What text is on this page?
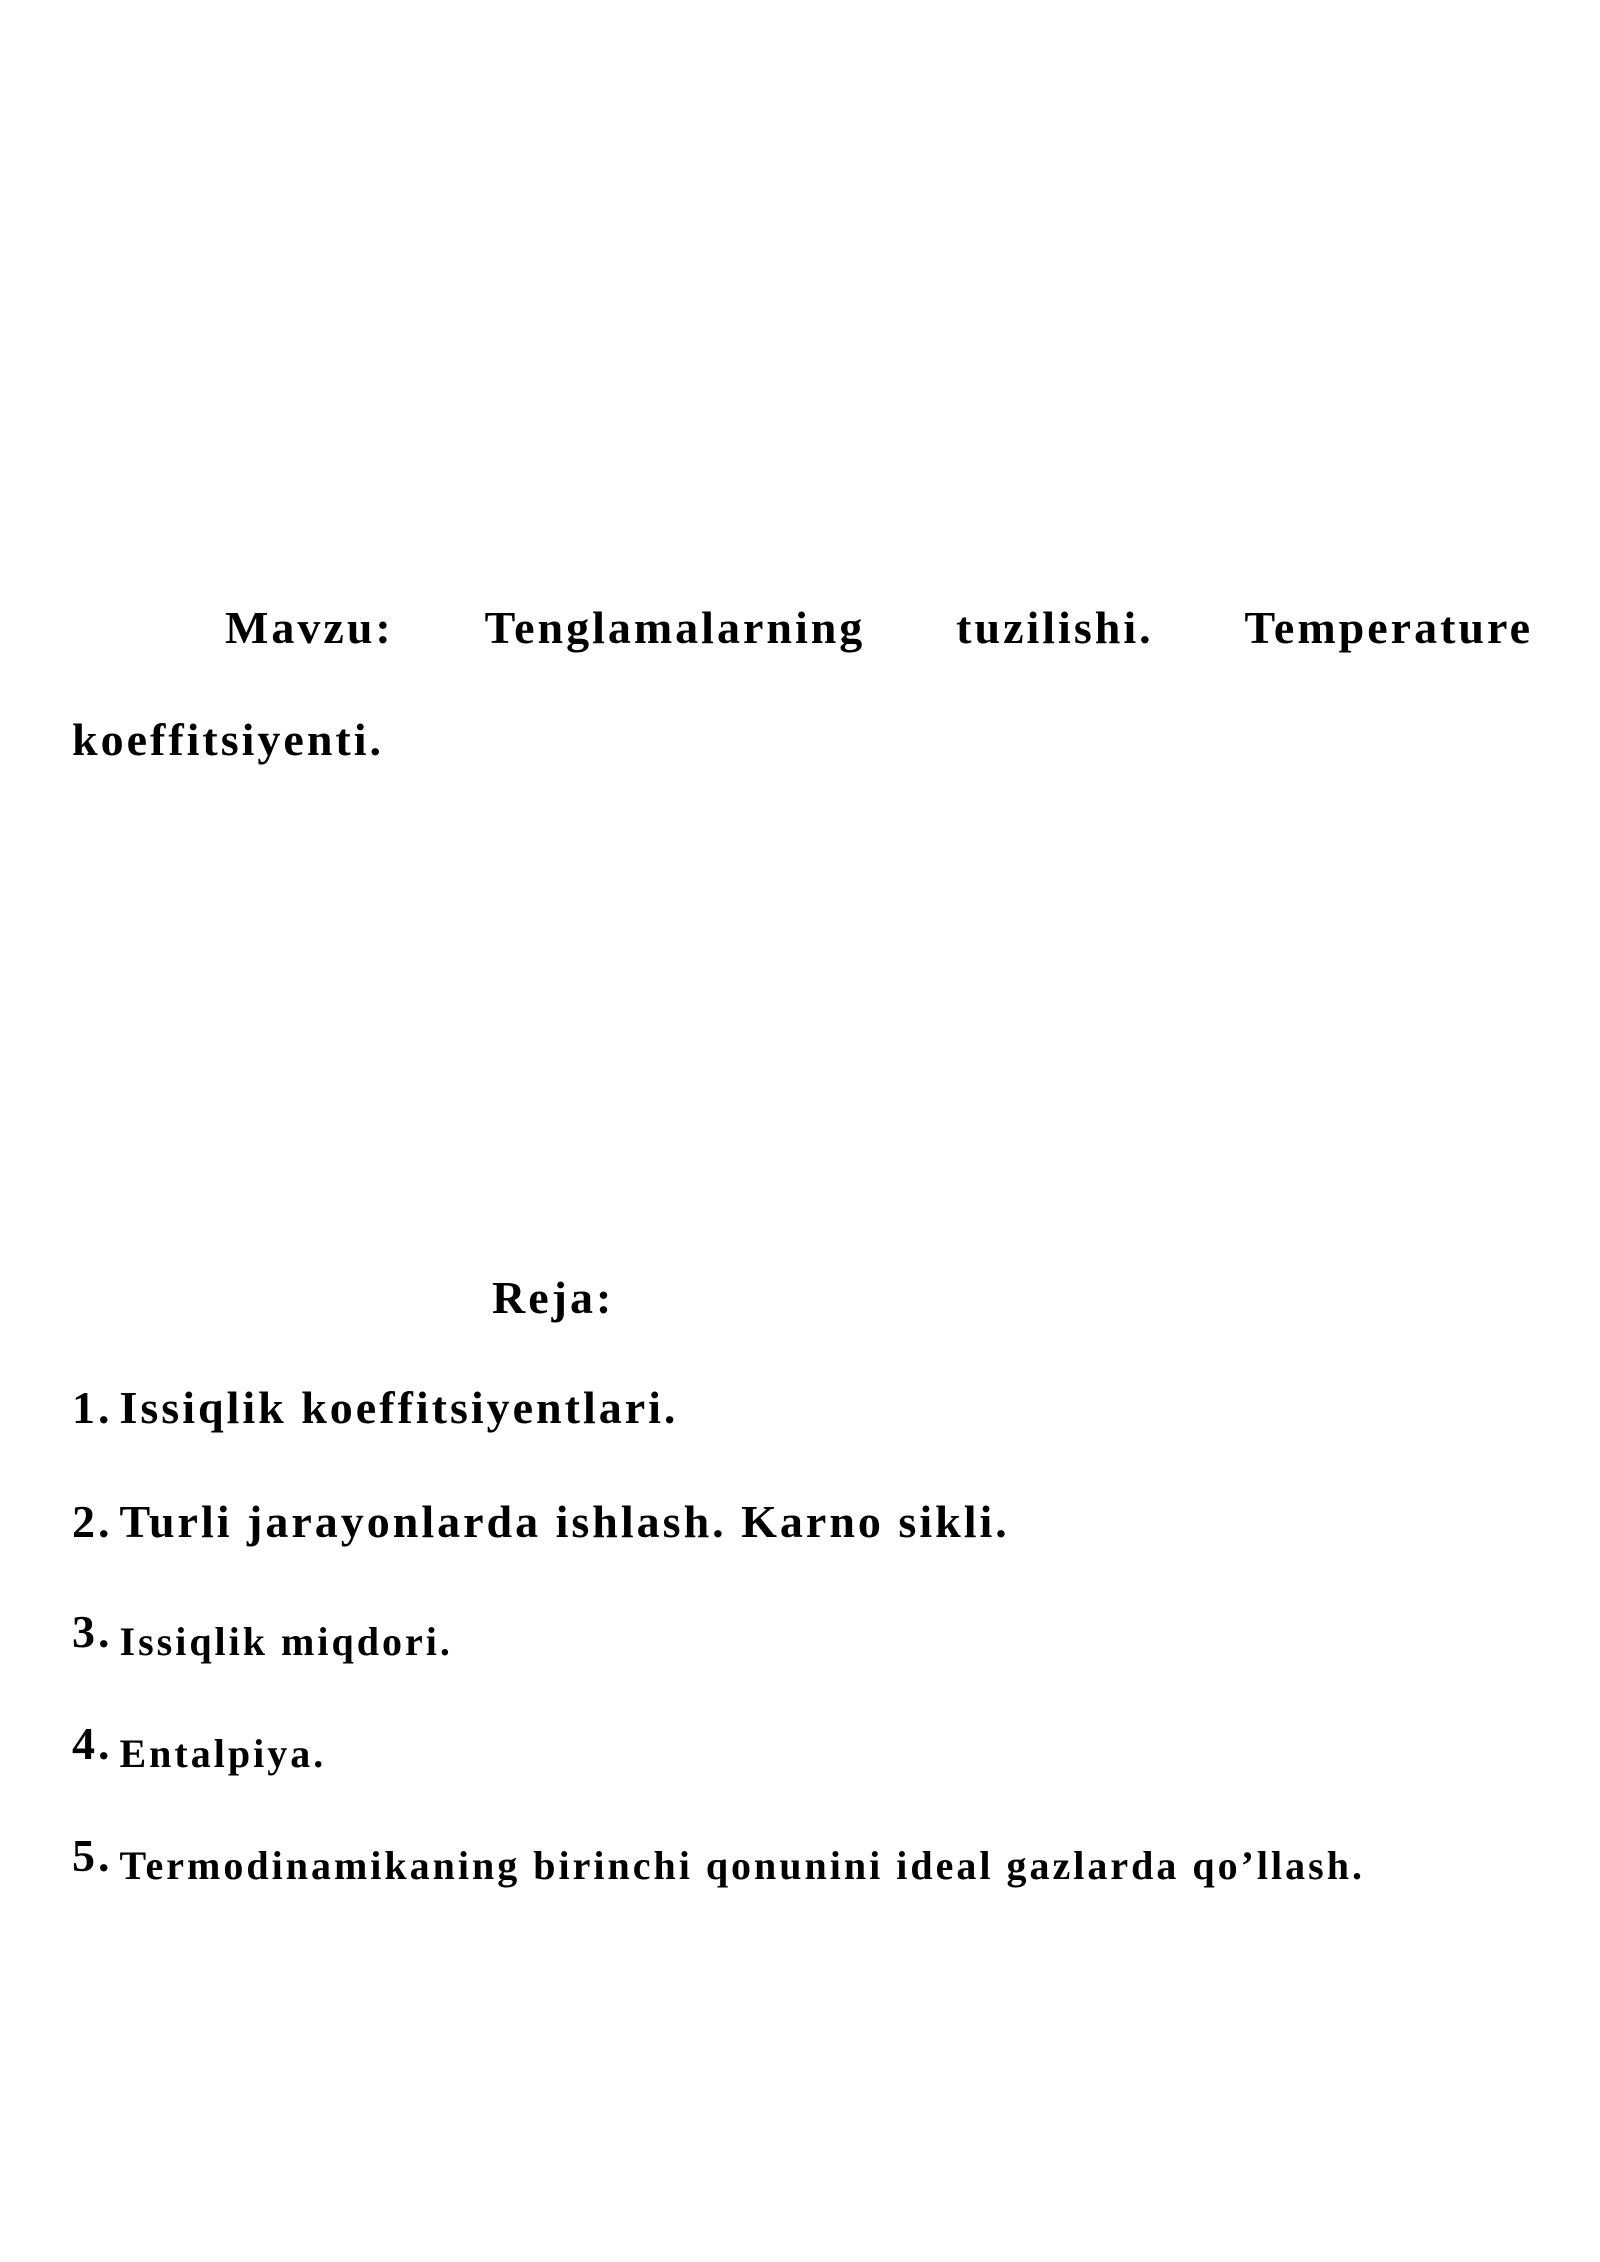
Mavzu: Tenglamalarning tuzilishi. Temperature
koeffitsiyenti.
Reja:
1. Issiqlik koeffitsiyentlari.
2. Turli jarayonlarda ishlash. Karno sikli.
3. Issiqlik miqdori.
4. Entalpiya.
5. Termodinamikaning birinchi qonunini ideal gazlarda qo’llash.
